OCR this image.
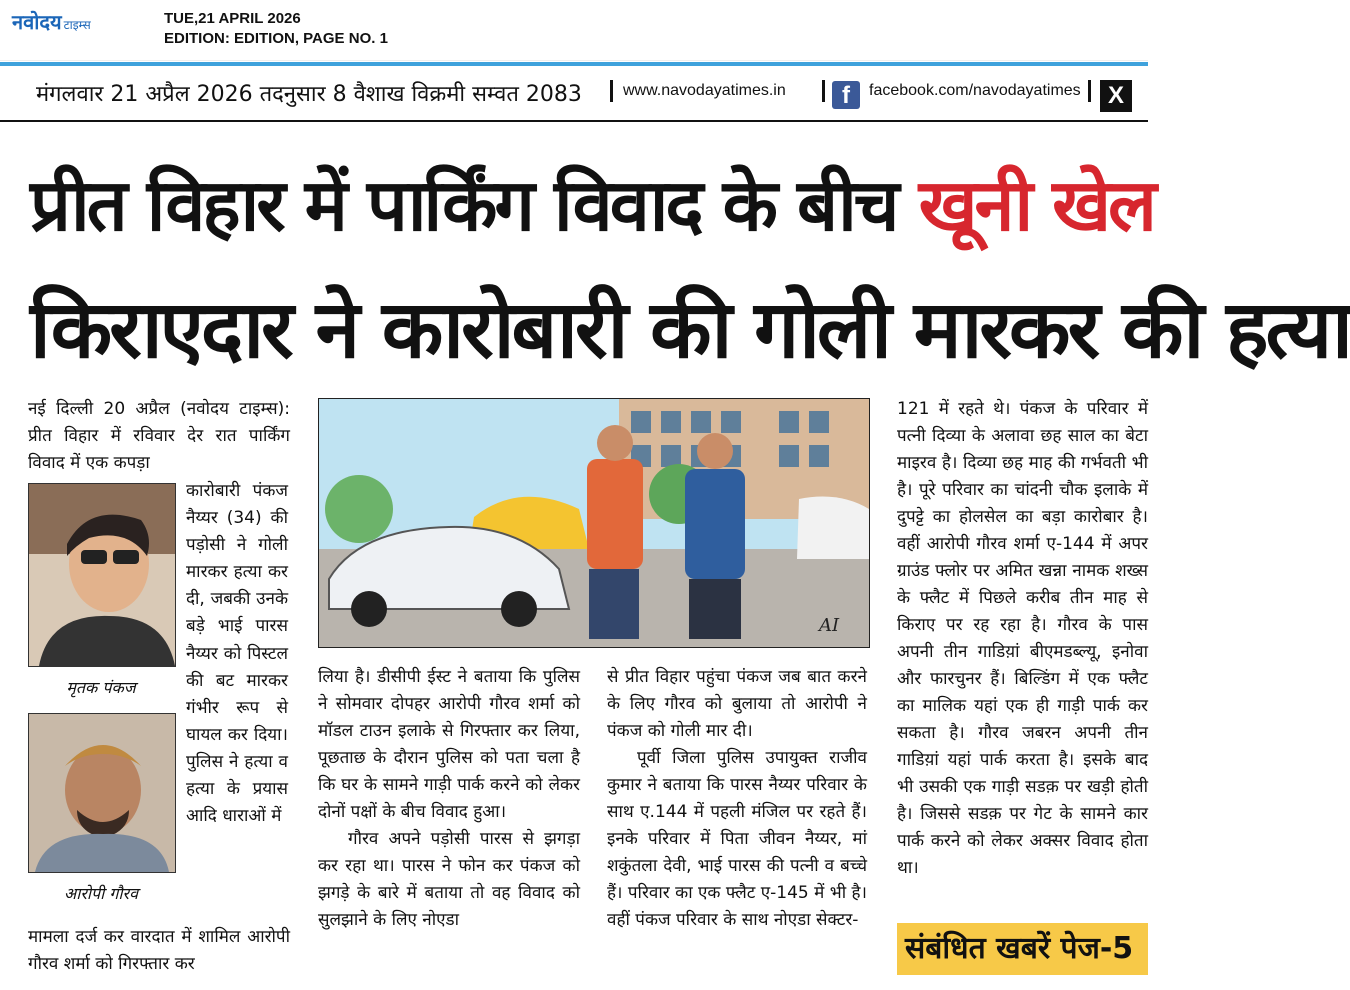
नवोदय टाइम्स	TUE,21 APRIL 2026
EDITION: EDITION, PAGE NO. 1
मंगलवार 21 अप्रैल 2026 तदनुसार 8 वैशाख विक्रमी सम्वत 2083	www.navodayatimes.in	f	facebook.com/navodayatimes	X
प्रीत विहार में पार्किंग विवाद के बीच खूनी खेल
किराएदार ने कारोबारी की गोली मारकर की हत्या

नई दिल्ली 20 अप्रैल (नवोदय टाइम्स): प्रीत विहार में रविवार देर रात पार्किंग विवाद में एक कपड़ा

मृतक पंकज
आरोपी गौरव

कारोबारी पंकज नैय्यर (34) की पड़ोसी ने गोली मारकर हत्या कर दी, जबकी उनके बड़े भाई पारस नैय्यर को पिस्टल की बट मारकर गंभीर रूप से घायल कर दिया। पुलिस ने हत्या व हत्या के प्रयास आदि धाराओं में

मामला दर्ज कर वारदात में शामिल आरोपी गौरव शर्मा को गिरफ्तार कर

AI

लिया है। डीसीपी ईस्ट ने बताया कि पुलिस ने सोमवार दोपहर आरोपी गौरव शर्मा को मॉडल टाउन इलाके से गिरफ्तार कर लिया, पूछताछ के दौरान पुलिस को पता चला है कि घर के सामने गाड़ी पार्क करने को लेकर दोनों पक्षों के बीच विवाद हुआ।

गौरव अपने पड़ोसी पारस से झगड़ा कर रहा था। पारस ने फोन कर पंकज को झगड़े के बारे में बताया तो वह विवाद को सुलझाने के लिए नोएडा

से प्रीत विहार पहुंचा पंकज जब बात करने के लिए गौरव को बुलाया तो आरोपी ने पंकज को गोली मार दी।

पूर्वी जिला पुलिस उपायुक्त राजीव कुमार ने बताया कि पारस नैय्यर परिवार के साथ ए.144 में पहली मंजिल पर रहते हैं। इनके परिवार में पिता जीवन नैय्यर, मां शकुंतला देवी, भाई पारस की पत्नी व बच्चे हैं। परिवार का एक फ्लैट ए-145 में भी है। वहीं पंकज परिवार के साथ नोएडा सेक्टर-

121 में रहते थे। पंकज के परिवार में पत्नी दिव्या के अलावा छह साल का बेटा माइरव है। दिव्या छह माह की गर्भवती भी है। पूरे परिवार का चांदनी चौक इलाके में दुपट्टे का होलसेल का बड़ा कारोबार है। वहीं आरोपी गौरव शर्मा ए-144 में अपर ग्राउंड फ्लोर पर अमित खन्ना नामक शख्स के फ्लैट में पिछले करीब तीन माह से किराए पर रह रहा है। गौरव के पास अपनी तीन गाडिय़ां बीएमडब्ल्यू, इनोवा और फारचुनर हैं। बिल्डिंग में एक फ्लैट का मालिक यहां एक ही गाड़ी पार्क कर सकता है। गौरव जबरन अपनी तीन गाडिय़ां यहां पार्क करता है। इसके बाद भी उसकी एक गाड़ी सडक़ पर खड़ी होती है। जिससे सडक़ पर गेट के सामने कार पार्क करने को लेकर अक्सर विवाद होता था।

संबंधित खबरें पेज-5
